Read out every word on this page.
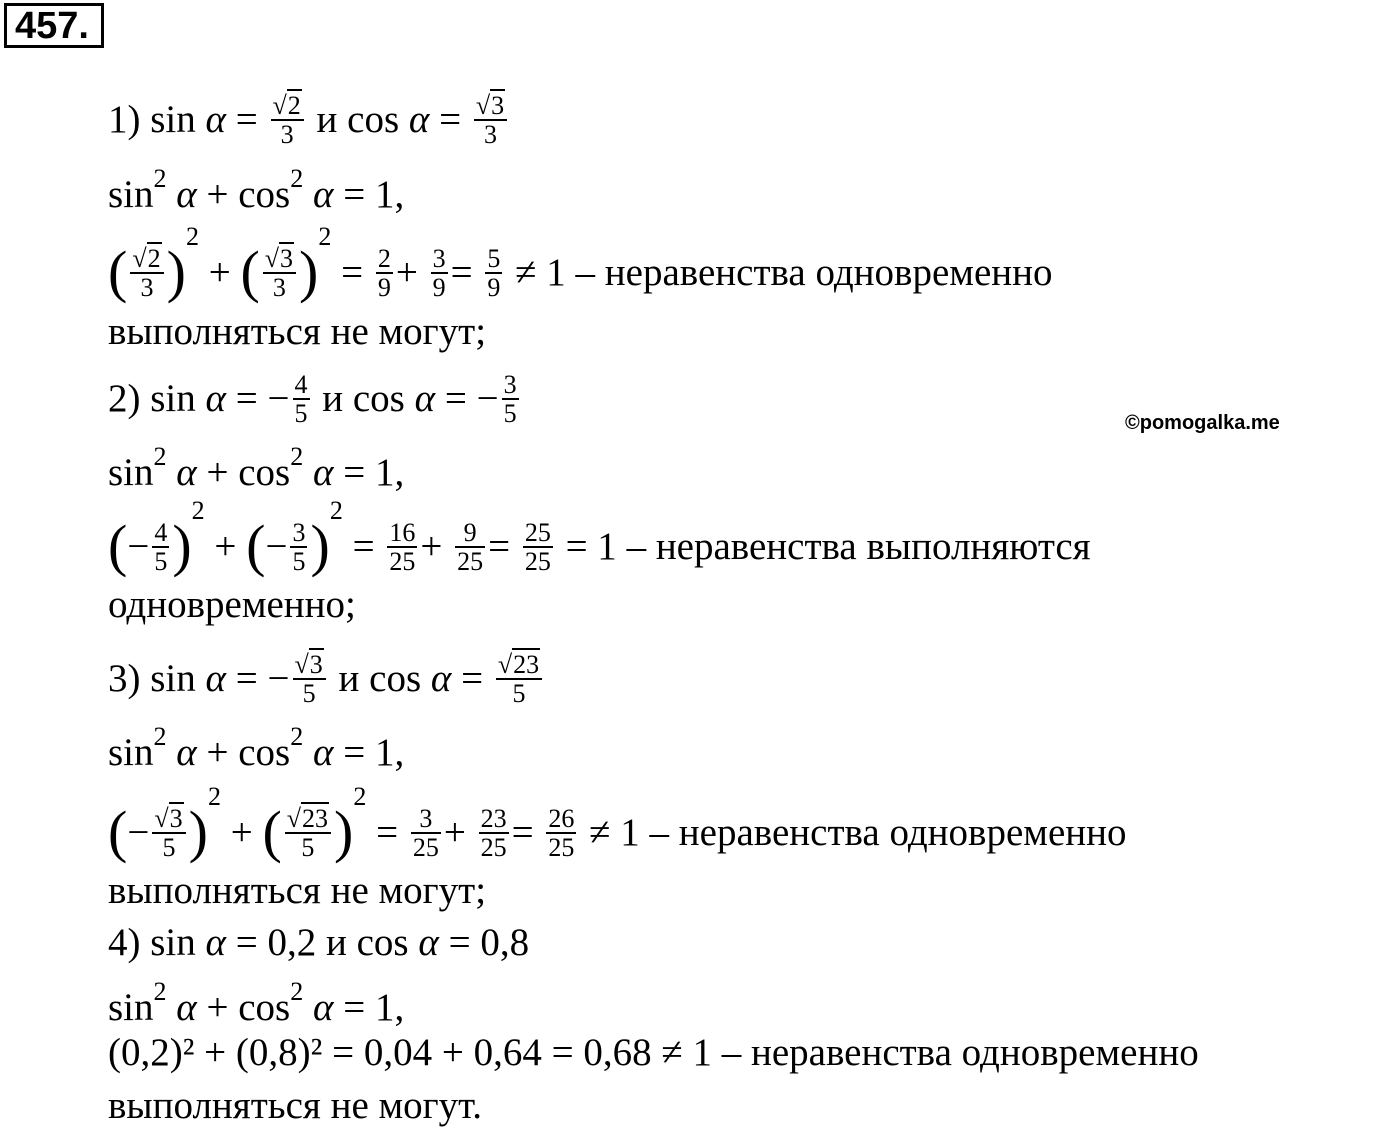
457.
©pomogalka.me
1) $\sin \alpha = \frac{√2}{3}$ и $\cos \alpha = \frac{√3}{3}$
$\sin^2 \alpha + \cos^2 \alpha = 1$,
( $\frac{√2}{3} )^2$ + ( $\frac{√3}{3} )^2 = \frac{2}{9} + \frac{3}{9} = \frac{5}{9} \ne 1$ – неравенства одновременно
выполняться не могут;
2) sin α = − $\frac{4}{5}$ и cos α = − $\frac{3}{5}$
$\sin^2 \alpha + \cos^2 \alpha = 1$,
(− $\frac{4}{5} )^2$ + (− $\frac{3}{5} )^2 = \frac{16}{25} + \frac{9}{25} = \frac{25}{25} = 1$ – неравенства выполняются
одновременно;
3) sin α = − $\frac{√3}{5}$ и $\cos \alpha = \frac{√23}{5}$
$\sin^2 \alpha + \cos^2 \alpha = 1$,
(− $\frac{√3}{5} )^2$ + ( $\frac{√23}{5} )^2 = \frac{3}{25} + \frac{23}{25} = \frac{26}{25} \ne 1$ – неравенства одновременно
выполняться не могут;
4) sin α = 0,2 и cos α = 0,8
$\sin^2 \alpha + \cos^2 \alpha = 1$,
(0,2)² + (0,8)² = 0,04 + 0,64 = 0,68 ≠ 1 – неравенства одновременно
выполняться не могут.
